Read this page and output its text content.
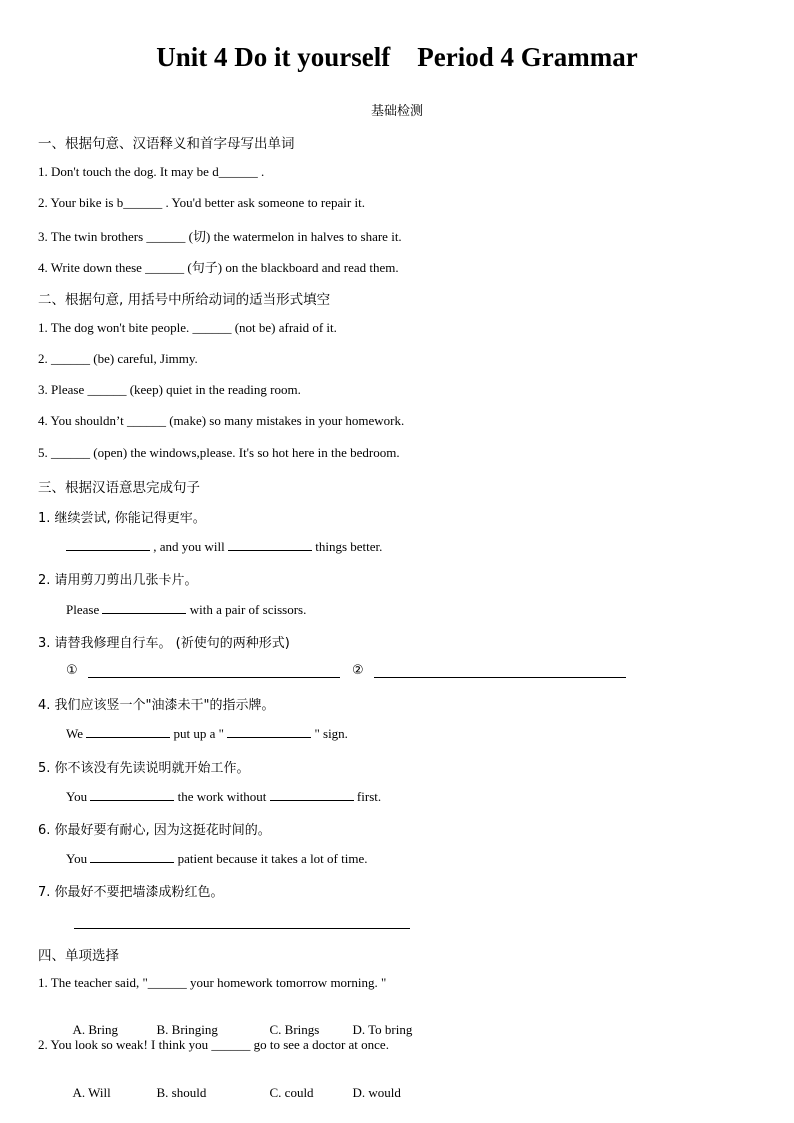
Unit 4 Do it yourself    Period 4 Grammar
基础检测
一、根据句意、汉语释义和首字母写出单词
1. Don't touch the dog. It may be d______ .
2. Your bike is b______ . You'd better ask someone to repair it.
3. The twin brothers ______ (切) the watermelon in halves to share it.
4. Write down these ______ (句子) on the blackboard and read them.
二、根据句意, 用括号中所给动词的适当形式填空
1. The dog won't bite people. ______ (not be) afraid of it.
2. ______ (be) careful, Jimmy.
3. Please ______ (keep) quiet in the reading room.
4. You shouldn’t ______ (make) so many mistakes in your homework.
5. ______ (open) the windows,please. It's so hot here in the bedroom.
三、根据汉语意思完成句子
1. 继续尝试, 你能记得更牢。
, and you will	things better.
2. 请用剪刀剪出几张卡片。
Please	with a pair of scissors.
3. 请替我修理自行车。 (祈使句的两种形式)
①	②
4. 我们应该竖一个"油漆未干"的指示牌。
We	put up a "	" sign.
5. 你不该没有先读说明就开始工作。
You	the work without	first.
6. 你最好要有耐心, 因为这挺花时间的。
You	patient because it takes a lot of time.
7. 你最好不要把墙漆成粉红色。
四、单项选择
1. The teacher said, "______ your homework tomorrow morning. "

A. Bring	B. Bringing	C. Brings	D. To bring

2. You look so weak! I think you ______ go to see a doctor at once.

A. Will	B. should	C. could	D. would
